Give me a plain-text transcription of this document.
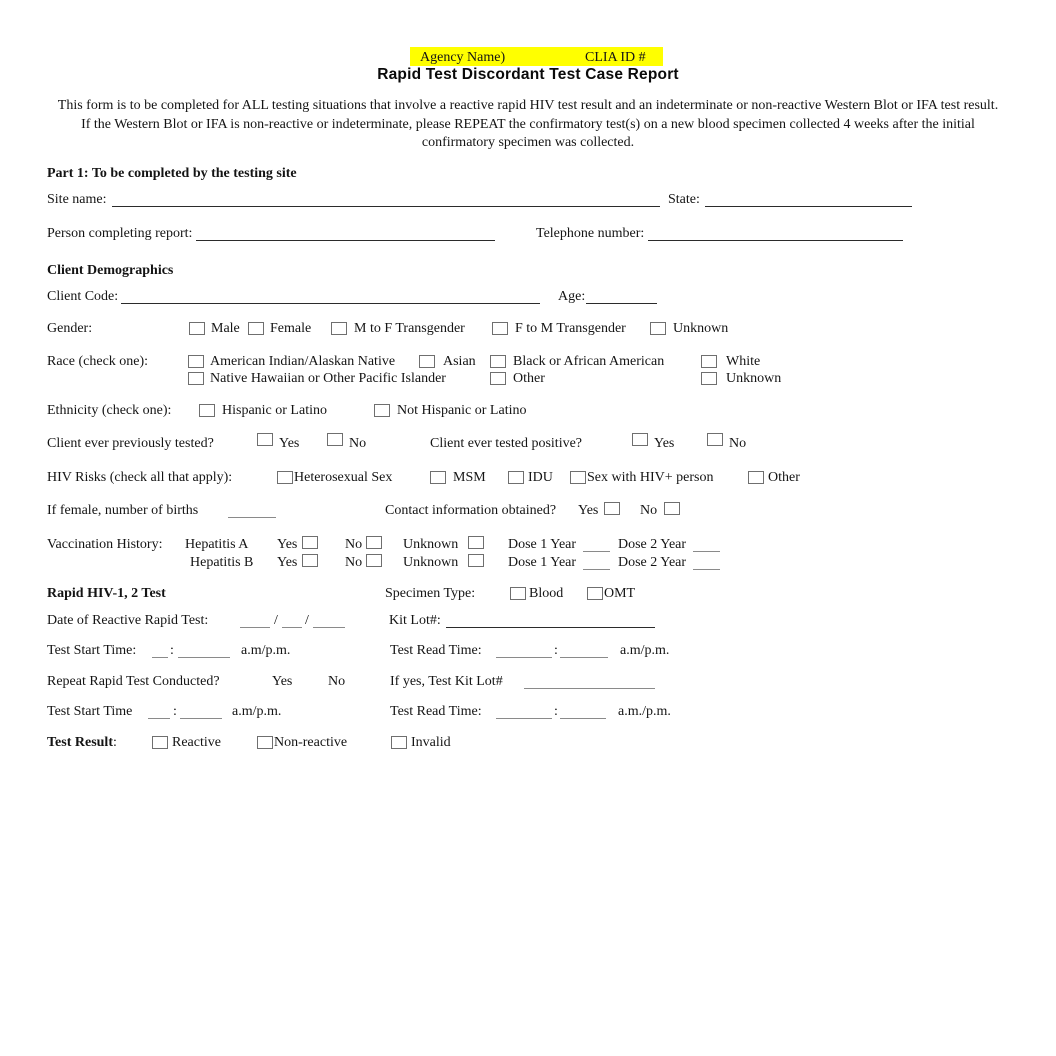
Agency Name)	CLIA ID #
Rapid Test Discordant Test Case Report
This form is to be completed for ALL testing situations that involve a reactive rapid HIV test result and an indeterminate or non-reactive Western Blot or IFA test result. If the Western Blot or IFA is non-reactive or indeterminate, please REPEAT the confirmatory test(s) on a new blood specimen collected 4 weeks after the initial confirmatory specimen was collected.
Part 1: To be completed by the testing site
Site name:	State:
Person completing report:	Telephone number:
Client Demographics
Client Code:	Age:
Gender:	Male Female	M to F Transgender	F to M Transgender	Unknown
Race (check one):	American Indian/Alaskan Native	Asian	Black or African American	White
Native Hawaiian or Other Pacific Islander	Other	Unknown
Ethnicity (check one):	Hispanic or Latino	Not Hispanic or Latino
Client ever previously tested?	Yes	No	Client ever tested positive?	Yes	No
HIV Risks (check all that apply):	Heterosexual Sex	MSM	IDU Sex with HIV+ person	Other
If female, number of births	Contact information obtained? Yes	No
Vaccination History: Hepatitis A Yes	No	Unknown	Dose 1 Year	Dose 2 Year
Hepatitis B Yes	No	Unknown	Dose 1 Year	Dose 2 Year
Rapid HIV-1, 2 Test	Specimen Type:	Blood	OMT
Date of Reactive Rapid Test:	/ /	Kit Lot#:
Test Start Time: :	a.m/p.m.	Test Read Time:	:	a.m/p.m.
Repeat Rapid Test Conducted?	Yes	No	If yes, Test Kit Lot#
Test Start Time	:	a.m/p.m.	Test Read Time:	:	a.m./p.m.
Test Result:	Reactive	Non-reactive	Invalid
